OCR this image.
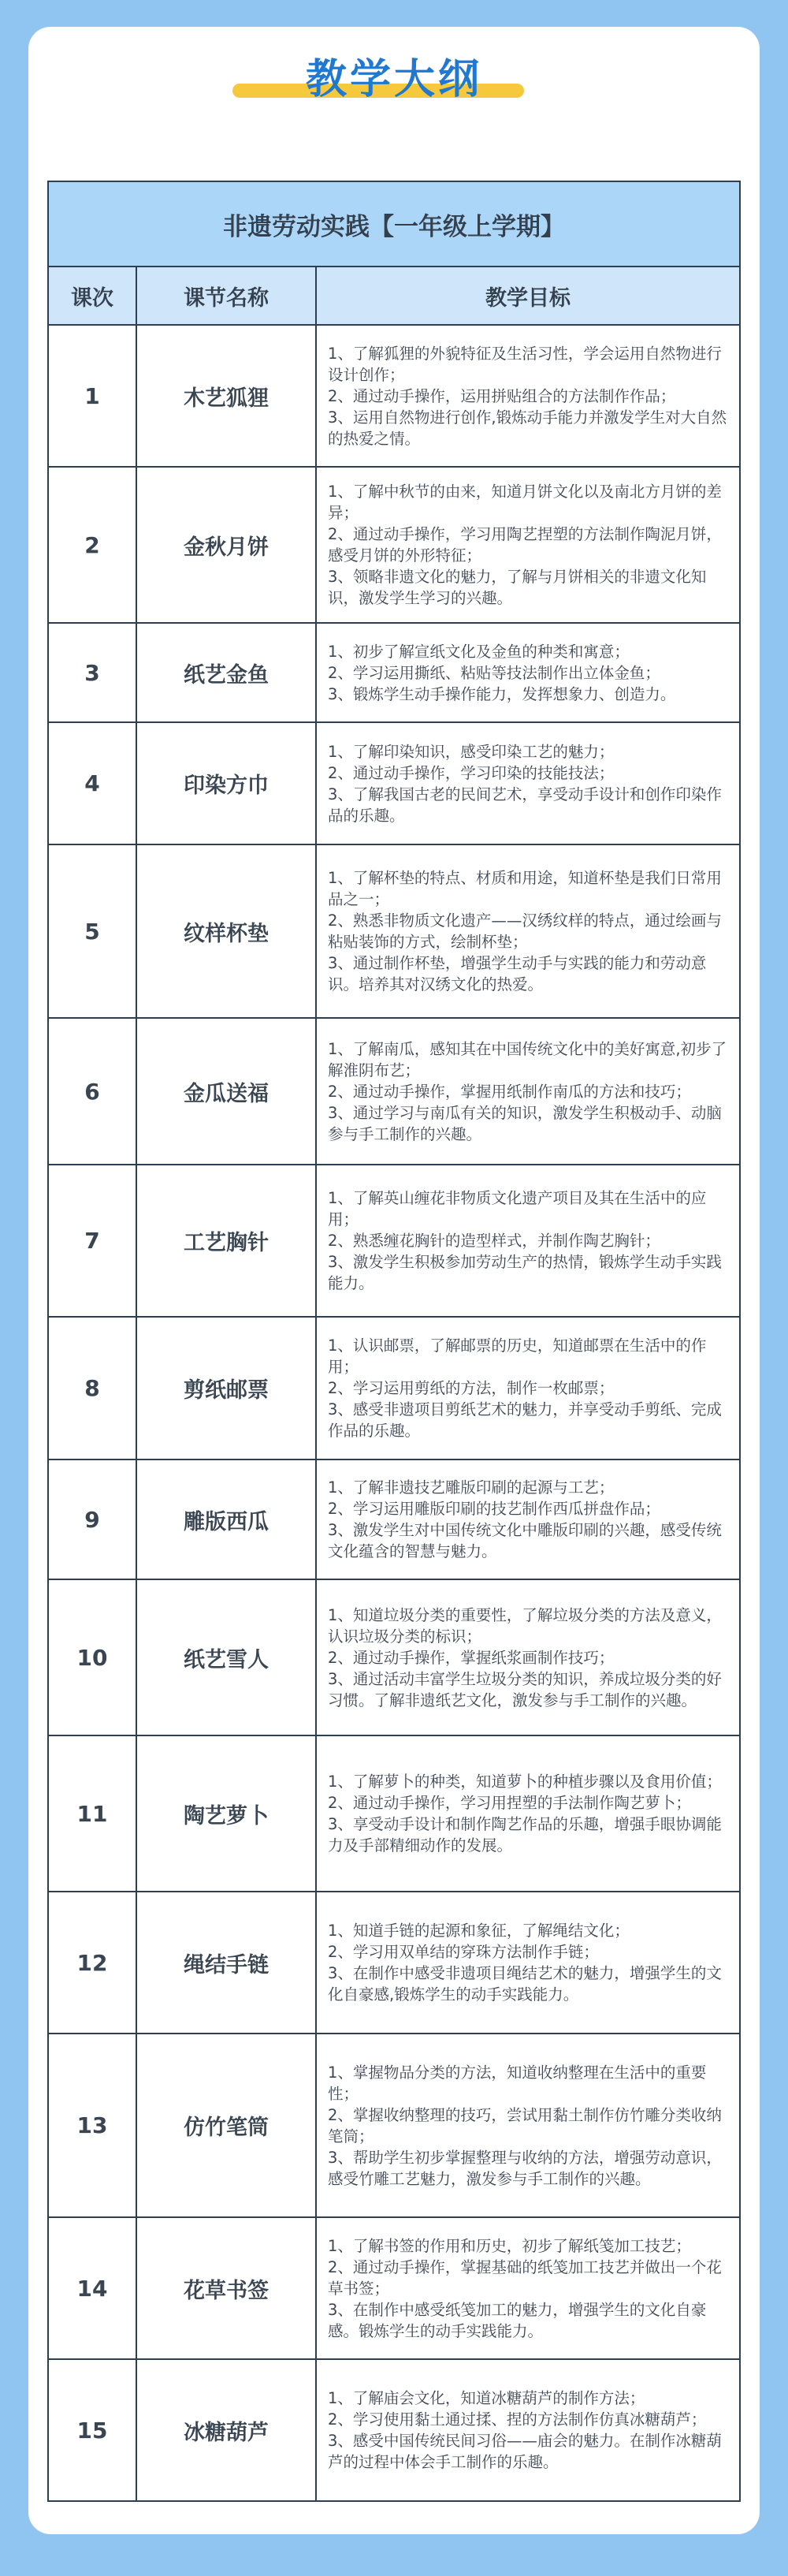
教学大纲
非遗劳动实践【一年级上学期】		
课次	课节名称	教学目标
1	木艺狐狸	1、了解狐狸的外貌特征及生活习性，学会运用自然物进行设计创作；
2、通过动手操作，运用拼贴组合的方法制作作品；
3、运用自然物进行创作,锻炼动手能力并激发学生对大自然的热爱之情。

2	金秋月饼	1、了解中秋节的由来，知道月饼文化以及南北方月饼的差异；
2、通过动手操作，学习用陶艺捏塑的方法制作陶泥月饼，感受月饼的外形特征；
3、领略非遗文化的魅力，了解与月饼相关的非遗文化知识，激发学生学习的兴趣。

3	纸艺金鱼	1、初步了解宣纸文化及金鱼的种类和寓意；
2、学习运用撕纸、粘贴等技法制作出立体金鱼；
3、锻炼学生动手操作能力，发挥想象力、创造力。

4	印染方巾	1、了解印染知识，感受印染工艺的魅力；
2、通过动手操作，学习印染的技能技法；
3、了解我国古老的民间艺术，享受动手设计和创作印染作品的乐趣。

5	纹样杯垫	1、了解杯垫的特点、材质和用途，知道杯垫是我们日常用品之一；
2、熟悉非物质文化遗产——汉绣纹样的特点，通过绘画与粘贴装饰的方式，绘制杯垫；
3、通过制作杯垫，增强学生动手与实践的能力和劳动意识。培养其对汉绣文化的热爱。

6	金瓜送福	1、了解南瓜，感知其在中国传统文化中的美好寓意,初步了解淮阴布艺；
2、通过动手操作，掌握用纸制作南瓜的方法和技巧；
3、通过学习与南瓜有关的知识，激发学生积极动手、动脑参与手工制作的兴趣。

7	工艺胸针	1、了解英山缠花非物质文化遗产项目及其在生活中的应用；
2、熟悉缠花胸针的造型样式，并制作陶艺胸针；
3、激发学生积极参加劳动生产的热情，锻炼学生动手实践能力。

8	剪纸邮票	1、认识邮票，了解邮票的历史，知道邮票在生活中的作用；
2、学习运用剪纸的方法，制作一枚邮票；
3、感受非遗项目剪纸艺术的魅力，并享受动手剪纸、完成作品的乐趣。

9	雕版西瓜	1、了解非遗技艺雕版印刷的起源与工艺；
2、学习运用雕版印刷的技艺制作西瓜拼盘作品；
3、激发学生对中国传统文化中雕版印刷的兴趣，感受传统文化蕴含的智慧与魅力。

10	纸艺雪人	1、知道垃圾分类的重要性，了解垃圾分类的方法及意义，认识垃圾分类的标识；
2、通过动手操作，掌握纸浆画制作技巧；
3、通过活动丰富学生垃圾分类的知识，养成垃圾分类的好习惯。了解非遗纸艺文化，激发参与手工制作的兴趣。

11	陶艺萝卜	1、了解萝卜的种类，知道萝卜的种植步骤以及食用价值；
2、通过动手操作，学习用捏塑的手法制作陶艺萝卜；
3、享受动手设计和制作陶艺作品的乐趣，增强手眼协调能力及手部精细动作的发展。

12	绳结手链	1、知道手链的起源和象征，了解绳结文化；
2、学习用双单结的穿珠方法制作手链；
3、在制作中感受非遗项目绳结艺术的魅力，增强学生的文化自豪感,锻炼学生的动手实践能力。

13	仿竹笔筒	1、掌握物品分类的方法，知道收纳整理在生活中的重要性；
2、掌握收纳整理的技巧，尝试用黏土制作仿竹雕分类收纳笔筒；
3、帮助学生初步掌握整理与收纳的方法，增强劳动意识，感受竹雕工艺魅力，激发参与手工制作的兴趣。

14	花草书签	1、了解书签的作用和历史，初步了解纸笺加工技艺；
2、通过动手操作，掌握基础的纸笺加工技艺并做出一个花草书签；
3、在制作中感受纸笺加工的魅力，增强学生的文化自豪感。锻炼学生的动手实践能力。

15	冰糖葫芦	1、了解庙会文化，知道冰糖葫芦的制作方法；
2、学习使用黏土通过揉、捏的方法制作仿真冰糖葫芦；
3、感受中国传统民间习俗——庙会的魅力。在制作冰糖葫芦的过程中体会手工制作的乐趣。
